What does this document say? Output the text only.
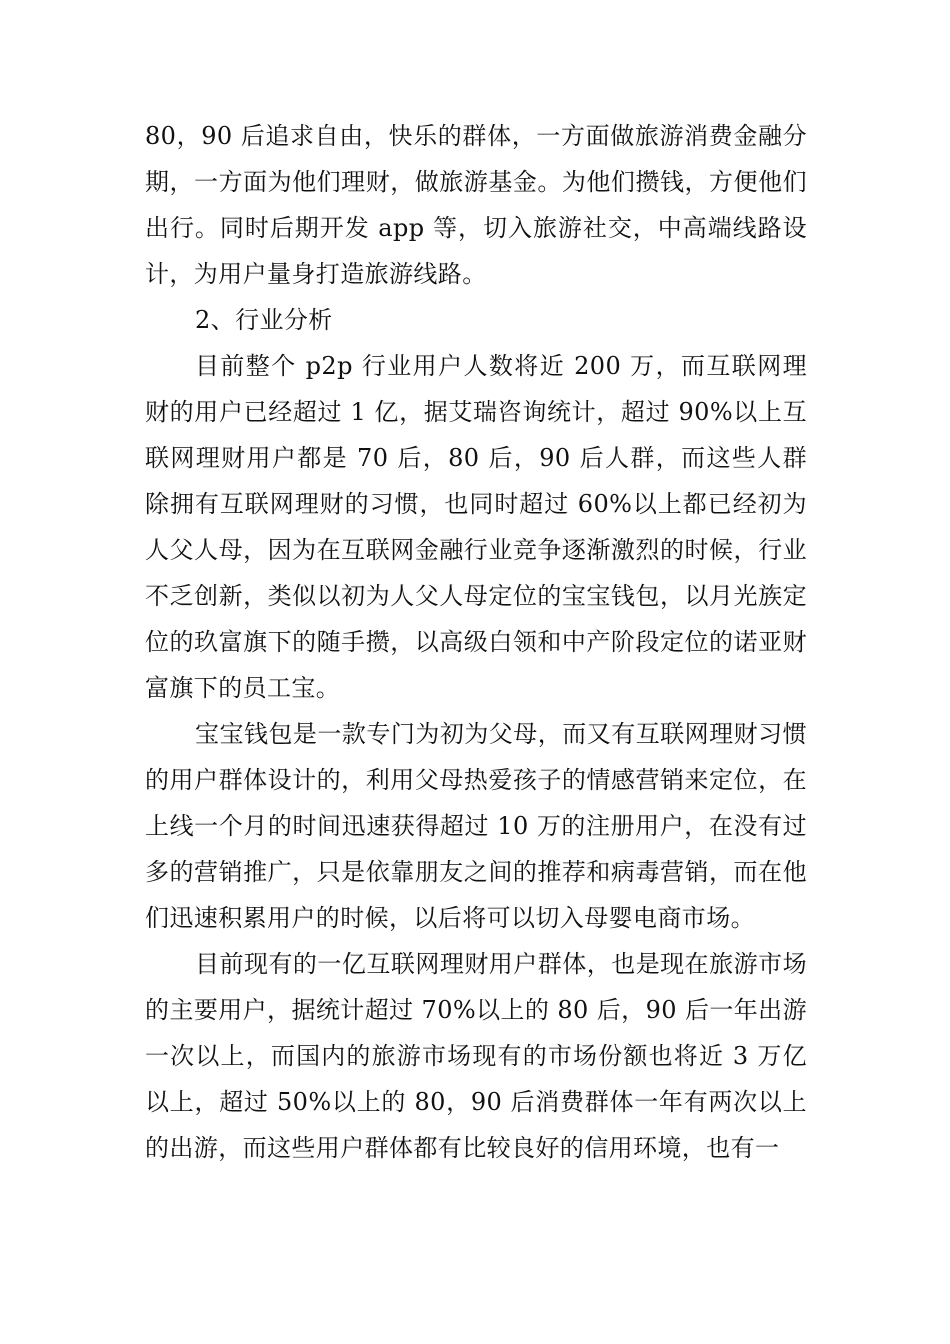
80，90 后追求自由，快乐的群体，一方面做旅游消费金融分期，一方面为他们理财，做旅游基金。为他们攒钱，方便他们出行。同时后期开发 app 等，切入旅游社交，中高端线路设计，为用户量身打造旅游线路。

2、行业分析

目前整个 p2p 行业用户人数将近 200 万，而互联网理财的用户已经超过 1 亿，据艾瑞咨询统计，超过 90%以上互联网理财用户都是 70 后，80 后，90 后人群，而这些人群除拥有互联网理财的习惯，也同时超过 60%以上都已经初为人父人母，因为在互联网金融行业竞争逐渐激烈的时候，行业不乏创新，类似以初为人父人母定位的宝宝钱包，以月光族定位的玖富旗下的随手攒，以高级白领和中产阶段定位的诺亚财富旗下的员工宝。

宝宝钱包是一款专门为初为父母，而又有互联网理财习惯的用户群体设计的，利用父母热爱孩子的情感营销来定位，在上线一个月的时间迅速获得超过 10 万的注册用户，在没有过多的营销推广，只是依靠朋友之间的推荐和病毒营销，而在他们迅速积累用户的时候，以后将可以切入母婴电商市场。

目前现有的一亿互联网理财用户群体，也是现在旅游市场的主要用户，据统计超过 70%以上的 80 后，90 后一年出游一次以上，而国内的旅游市场现有的市场份额也将近 3 万亿以上，超过 50%以上的 80，90 后消费群体一年有两次以上的出游，而这些用户群体都有比较良好的信用环境，也有一
